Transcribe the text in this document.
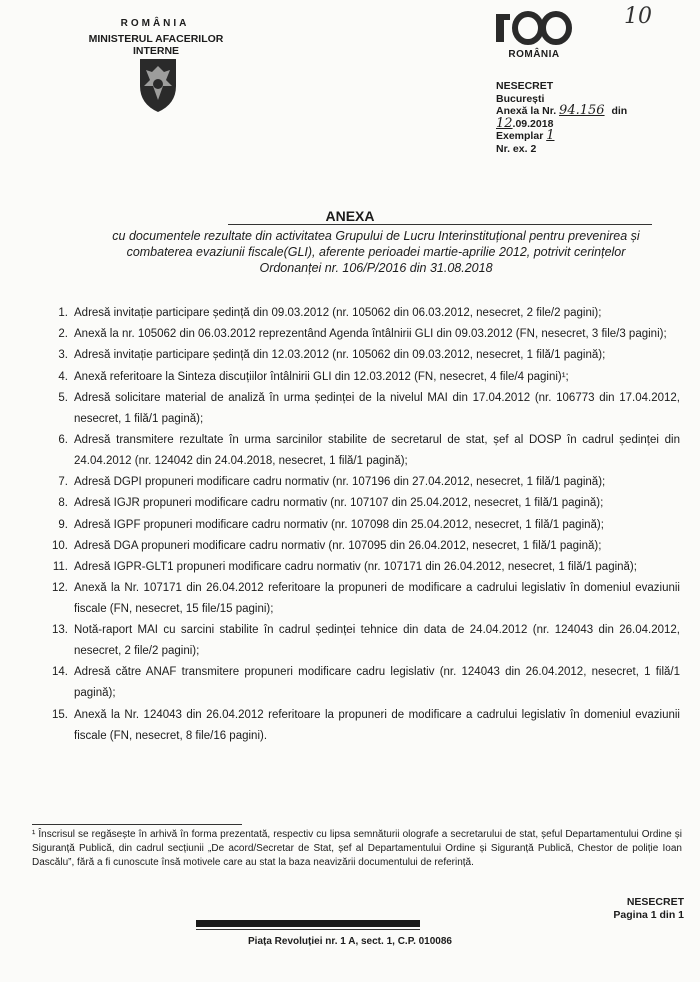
ROMÂNIA
MINISTERUL AFACERILOR INTERNE
10
ROMÂNIA
NESECRET
București
Anexă la Nr. 94.156 din
12.09.2018
Exemplar 1
Nr. ex. 2
ANEXA
cu documentele rezultate din activitatea Grupului de Lucru Interinstituțional pentru prevenirea și combaterea evaziunii fiscale(GLI), aferente perioadei martie-aprilie 2012, potrivit cerințelor Ordonanței nr. 106/P/2016 din 31.08.2018
1. Adresă invitație participare ședință din 09.03.2012 (nr. 105062 din 06.03.2012, nesecret, 2 file/2 pagini);
2. Anexă la nr. 105062 din 06.03.2012 reprezentând Agenda întâlnirii GLI din 09.03.2012 (FN, nesecret, 3 file/3 pagini);
3. Adresă invitație participare ședință din 12.03.2012 (nr. 105062 din 09.03.2012, nesecret, 1 filă/1 pagină);
4. Anexă referitoare la Sinteza discuțiilor întâlnirii GLI din 12.03.2012 (FN, nesecret, 4 file/4 pagini)¹;
5. Adresă solicitare material de analiză în urma ședinței de la nivelul MAI din 17.04.2012 (nr. 106773 din 17.04.2012, nesecret, 1 filă/1 pagină);
6. Adresă transmitere rezultate în urma sarcinilor stabilite de secretarul de stat, șef al DOSP în cadrul ședinței din 24.04.2012 (nr. 124042 din 24.04.2018, nesecret, 1 filă/1 pagină);
7. Adresă DGPI propuneri modificare cadru normativ (nr. 107196 din 27.04.2012, nesecret, 1 filă/1 pagină);
8. Adresă IGJR propuneri modificare cadru normativ (nr. 107107 din 25.04.2012, nesecret, 1 filă/1 pagină);
9. Adresă IGPF propuneri modificare cadru normativ (nr. 107098 din 25.04.2012, nesecret, 1 filă/1 pagină);
10. Adresă DGA propuneri modificare cadru normativ (nr. 107095 din 26.04.2012, nesecret, 1 filă/1 pagină);
11. Adresă IGPR-GLT1 propuneri modificare cadru normativ (nr. 107171 din 26.04.2012, nesecret, 1 filă/1 pagină);
12. Anexă la Nr. 107171 din 26.04.2012 referitoare la propuneri de modificare a cadrului legislativ în domeniul evaziunii fiscale (FN, nesecret, 15 file/15 pagini);
13. Notă-raport MAI cu sarcini stabilite în cadrul ședinței tehnice din data de 24.04.2012 (nr. 124043 din 26.04.2012, nesecret, 2 file/2 pagini);
14. Adresă către ANAF transmitere propuneri modificare cadru legislativ (nr. 124043 din 26.04.2012, nesecret, 1 filă/1 pagină);
15. Anexă la Nr. 124043 din 26.04.2012 referitoare la propuneri de modificare a cadrului legislativ în domeniul evaziunii fiscale (FN, nesecret, 8 file/16 pagini).
¹ Înscrisul se regăsește în arhivă în forma prezentată, respectiv cu lipsa semnăturii olografe a secretarului de stat, șeful Departamentului Ordine și Siguranță Publică, din cadrul secțiunii „De acord/Secretar de Stat, șef al Departamentului Ordine și Siguranță Publică, Chestor de poliție Ioan Dascălu”, fără a fi cunoscute însă motivele care au stat la baza neavizării documentului de referință.
NESECRET
Pagina 1 din 1
Piața Revoluției nr. 1 A, sect. 1, C.P. 010086
